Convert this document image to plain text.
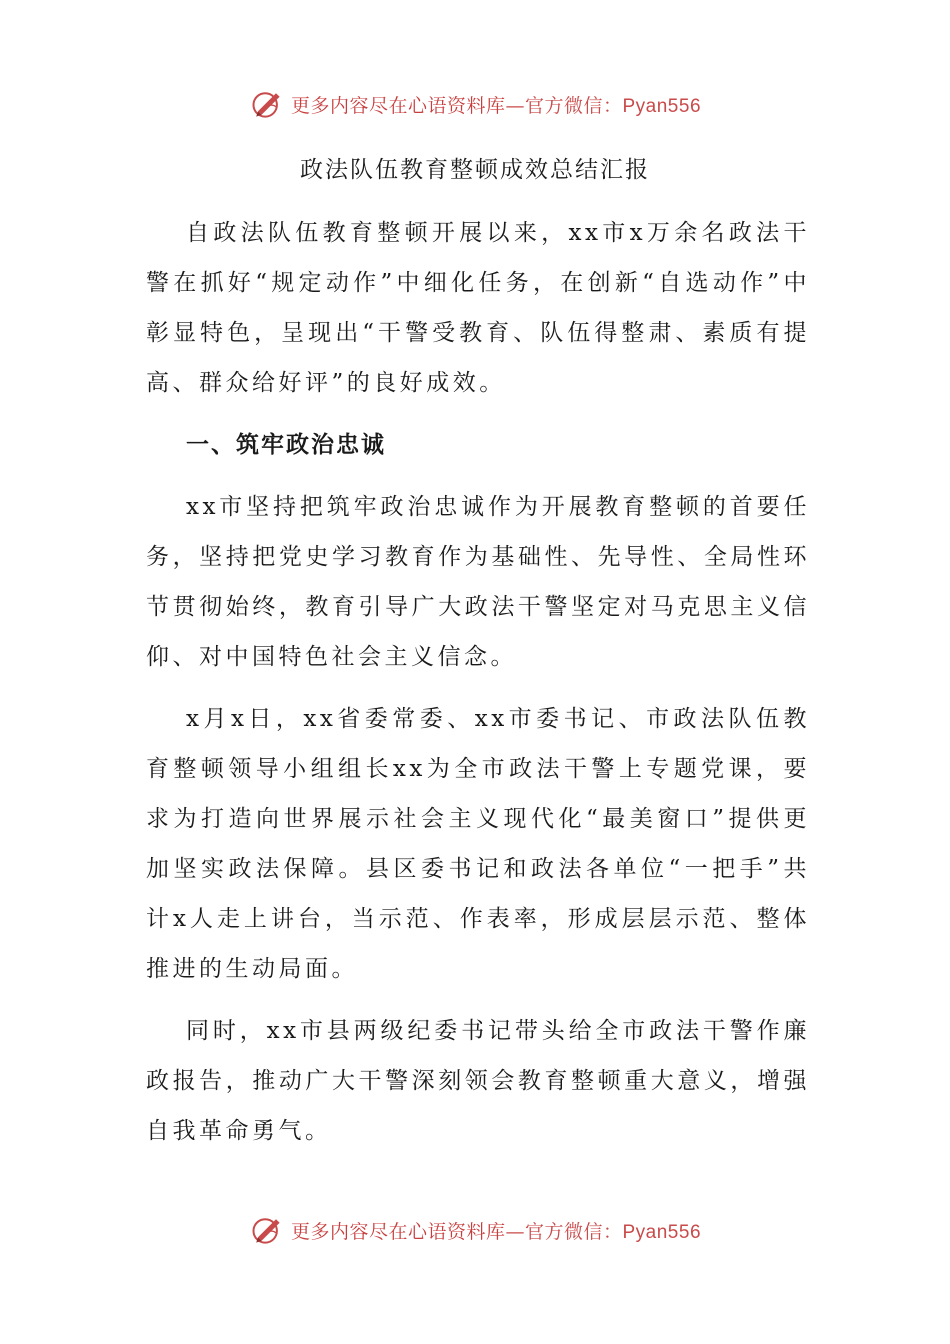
更多内容尽在心语资料库—官方微信：Pyan556
政法队伍教育整顿成效总结汇报

自政法队伍教育整顿开展以来，xx市x万余名政法干警在抓好“规定动作”中细化任务，在创新“自选动作”中彰显特色，呈现出“干警受教育、队伍得整肃、素质有提高、群众给好评”的良好成效。

一、筑牢政治忠诚

xx市坚持把筑牢政治忠诚作为开展教育整顿的首要任务，坚持把党史学习教育作为基础性、先导性、全局性环节贯彻始终，教育引导广大政法干警坚定对马克思主义信仰、对中国特色社会主义信念。

x月x日，xx省委常委、xx市委书记、市政法队伍教育整顿领导小组组长xx为全市政法干警上专题党课，要求为打造向世界展示社会主义现代化“最美窗口”提供更加坚实政法保障。县区委书记和政法各单位“一把手”共计x人走上讲台，当示范、作表率，形成层层示范、整体推进的生动局面。

同时，xx市县两级纪委书记带头给全市政法干警作廉政报告，推动广大干警深刻领会教育整顿重大意义，增强自我革命勇气。

更多内容尽在心语资料库—官方微信：Pyan556
